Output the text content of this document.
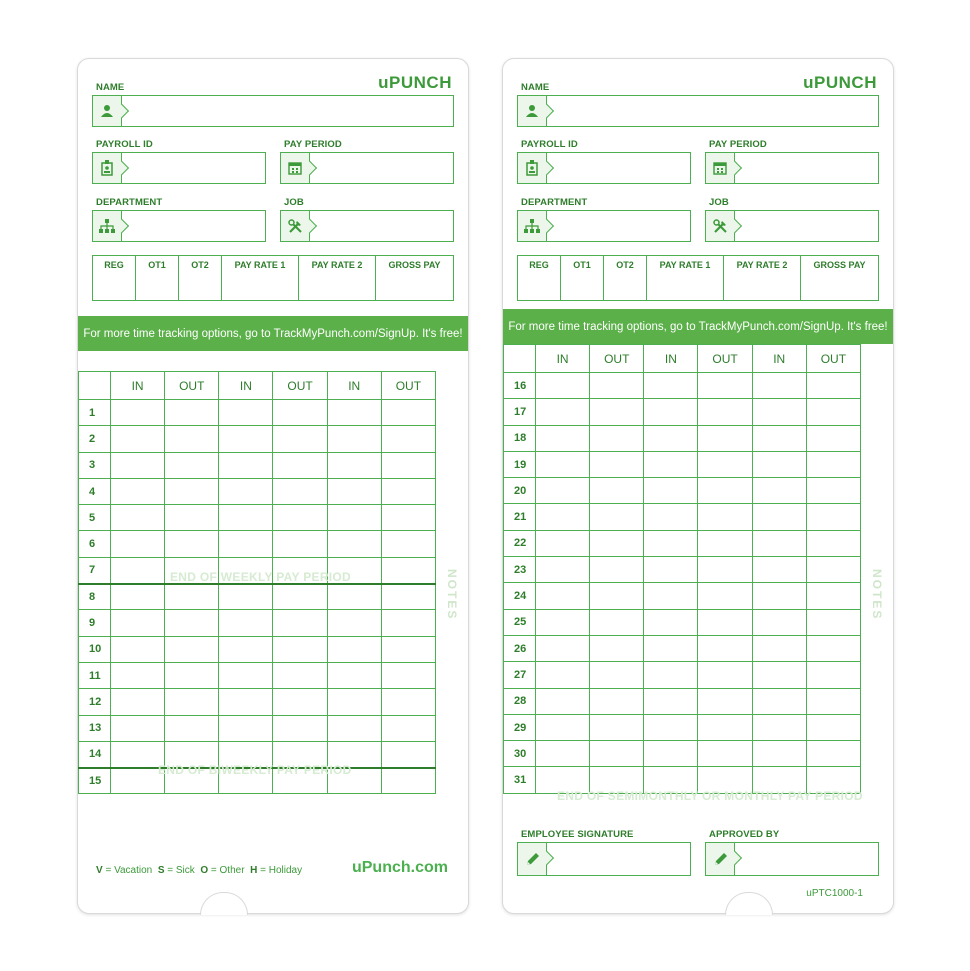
uPUNCH
NAME
PAYROLL ID	PAY PERIOD
DEPARTMENT	JOB
REG	OT1	OT2	PAY RATE 1	PAY RATE 2	GROSS PAY
For more time tracking options, go to TrackMyPunch.com/SignUp. It's free!
	IN	OUT	IN	OUT	IN	OUT
1						
2						
3						
4						
5						
6						
7						
8						
9						
10						
11						
12						
13						
14						
15						
END OF WEEKLY PAY PERIOD
END OF BIWEEKLY PAY PERIOD
NOTES
V = Vacation S = Sick O = Other H = Holiday	uPunch.com
uPUNCH
NAME
PAYROLL ID	PAY PERIOD
DEPARTMENT	JOB
REG	OT1	OT2	PAY RATE 1	PAY RATE 2	GROSS PAY
For more time tracking options, go to TrackMyPunch.com/SignUp. It's free!
	IN	OUT	IN	OUT	IN	OUT
16						
17						
18						
19						
20						
21						
22						
23						
24						
25						
26						
27						
28						
29						
30						
31						
END OF SEMIMONTHLY OR MONTHLY PAY PERIOD
NOTES
EMPLOYEE SIGNATURE	APPROVED BY
uPTC1000-1
